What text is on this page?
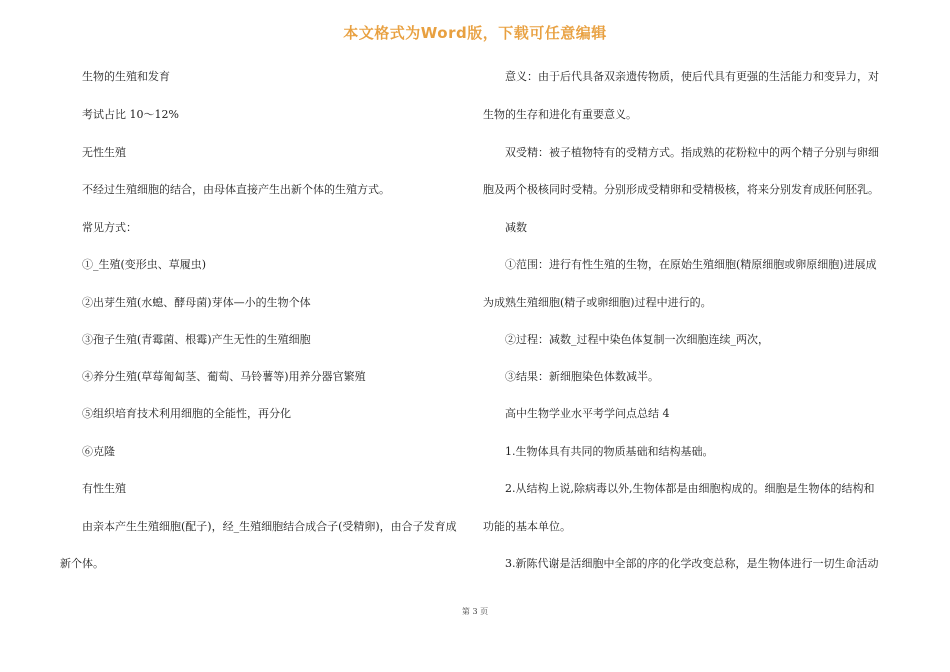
本文格式为Word版，下载可任意编辑
生物的生殖和发育
考试占比 10～12%
无性生殖
不经过生殖细胞的结合，由母体直接产生出新个体的生殖方式。
常见方式：
①_生殖(变形虫、草履虫)
②出芽生殖(水螅、酵母菌)芽体—小的生物个体
③孢子生殖(青霉菌、根霉)产生无性的生殖细胞
④养分生殖(草莓匍匐茎、葡萄、马铃薯等)用养分器官繁殖
⑤组织培育技术利用细胞的全能性，再分化
⑥克隆
有性生殖
由亲本产生生殖细胞(配子)，经_生殖细胞结合成合子(受精卵)，由合子发育成
新个体。
意义：由于后代具备双亲遗传物质，使后代具有更强的生活能力和变异力，对
生物的生存和进化有重要意义。
双受精：被子植物特有的受精方式。指成熟的花粉粒中的两个精子分别与卵细
胞及两个极核同时受精。分别形成受精卵和受精极核，将来分别发育成胚何胚乳。
减数
①范围：进行有性生殖的生物，在原始生殖细胞(精原细胞或卵原细胞)进展成
为成熟生殖细胞(精子或卵细胞)过程中进行的。
②过程：减数_过程中染色体复制一次细胞连续_两次，
③结果：新细胞染色体数减半。
高中生物学业水平考学问点总结 4
1.生物体具有共同的物质基础和结构基础。
2.从结构上说,除病毒以外,生物体都是由细胞构成的。细胞是生物体的结构和
功能的基本单位。
3.新陈代谢是活细胞中全部的序的化学改变总称，是生物体进行一切生命活动
第 3 页
